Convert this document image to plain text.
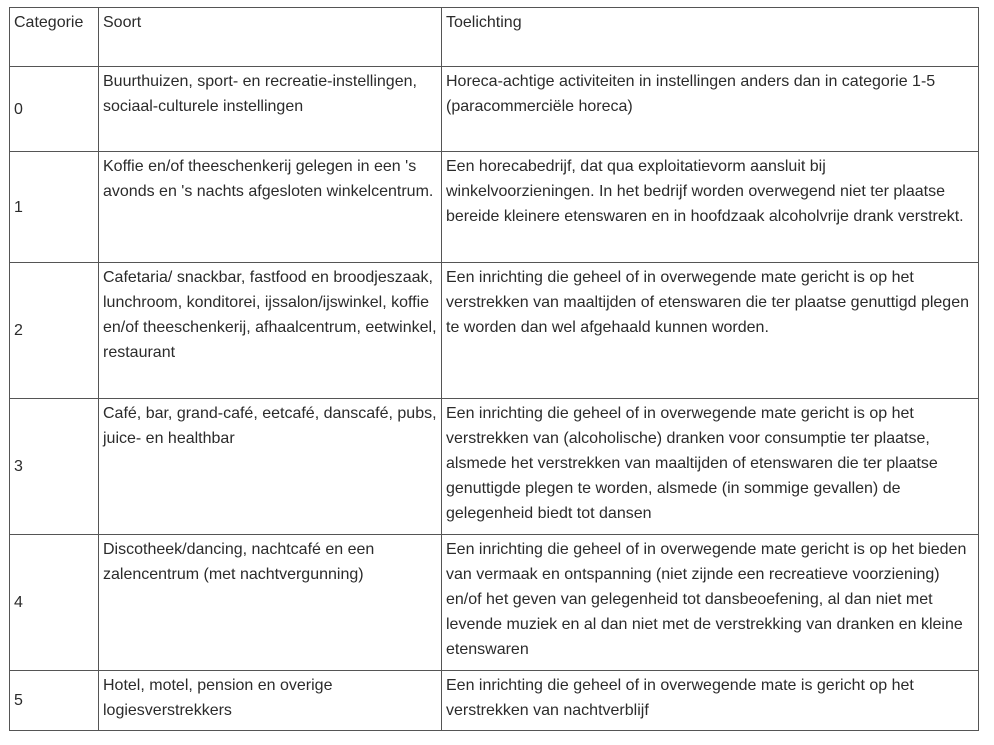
Categorie	Soort	Toelichting
0	Buurthuizen, sport- en recreatie-instellingen, sociaal-culturele instellingen	Horeca-achtige activiteiten in instellingen anders dan in categorie 1-5 (paracommerciële horeca)
1	Koffie en/of theeschenkerij gelegen in een 's avonds en 's nachts afgesloten winkelcentrum.	Een horecabedrijf, dat qua exploitatievorm aansluit bij winkelvoorzieningen. In het bedrijf worden overwegend niet ter plaatse bereide kleinere etenswaren en in hoofdzaak alcoholvrije drank verstrekt.
2	Cafetaria/ snackbar, fastfood en broodjeszaak, lunchroom, konditorei, ijssalon/ijswinkel, koffie en/of theeschenkerij, afhaalcentrum, eetwinkel, restaurant	Een inrichting die geheel of in overwegende mate gericht is op het verstrekken van maaltijden of etenswaren die ter plaatse genuttigd plegen te worden dan wel afgehaald kunnen worden.
3	Café, bar, grand-café, eetcafé, danscafé, pubs, juice- en healthbar	Een inrichting die geheel of in overwegende mate gericht is op het verstrekken van (alcoholische) dranken voor consumptie ter plaatse, alsmede het verstrekken van maaltijden of etenswaren die ter plaatse genuttigde plegen te worden, alsmede (in sommige gevallen) de gelegenheid biedt tot dansen
4	Discotheek/dancing, nachtcafé en een zalencentrum (met nachtvergunning)	Een inrichting die geheel of in overwegende mate gericht is op het bieden van vermaak en ontspanning (niet zijnde een recreatieve voorziening) en/of het geven van gelegenheid tot dansbeoefening, al dan niet met levende muziek en al dan niet met de verstrekking van dranken en kleine etenswaren
5	Hotel, motel, pension en overige logiesverstrekkers	Een inrichting die geheel of in overwegende mate is gericht op het verstrekken van nachtverblijf
